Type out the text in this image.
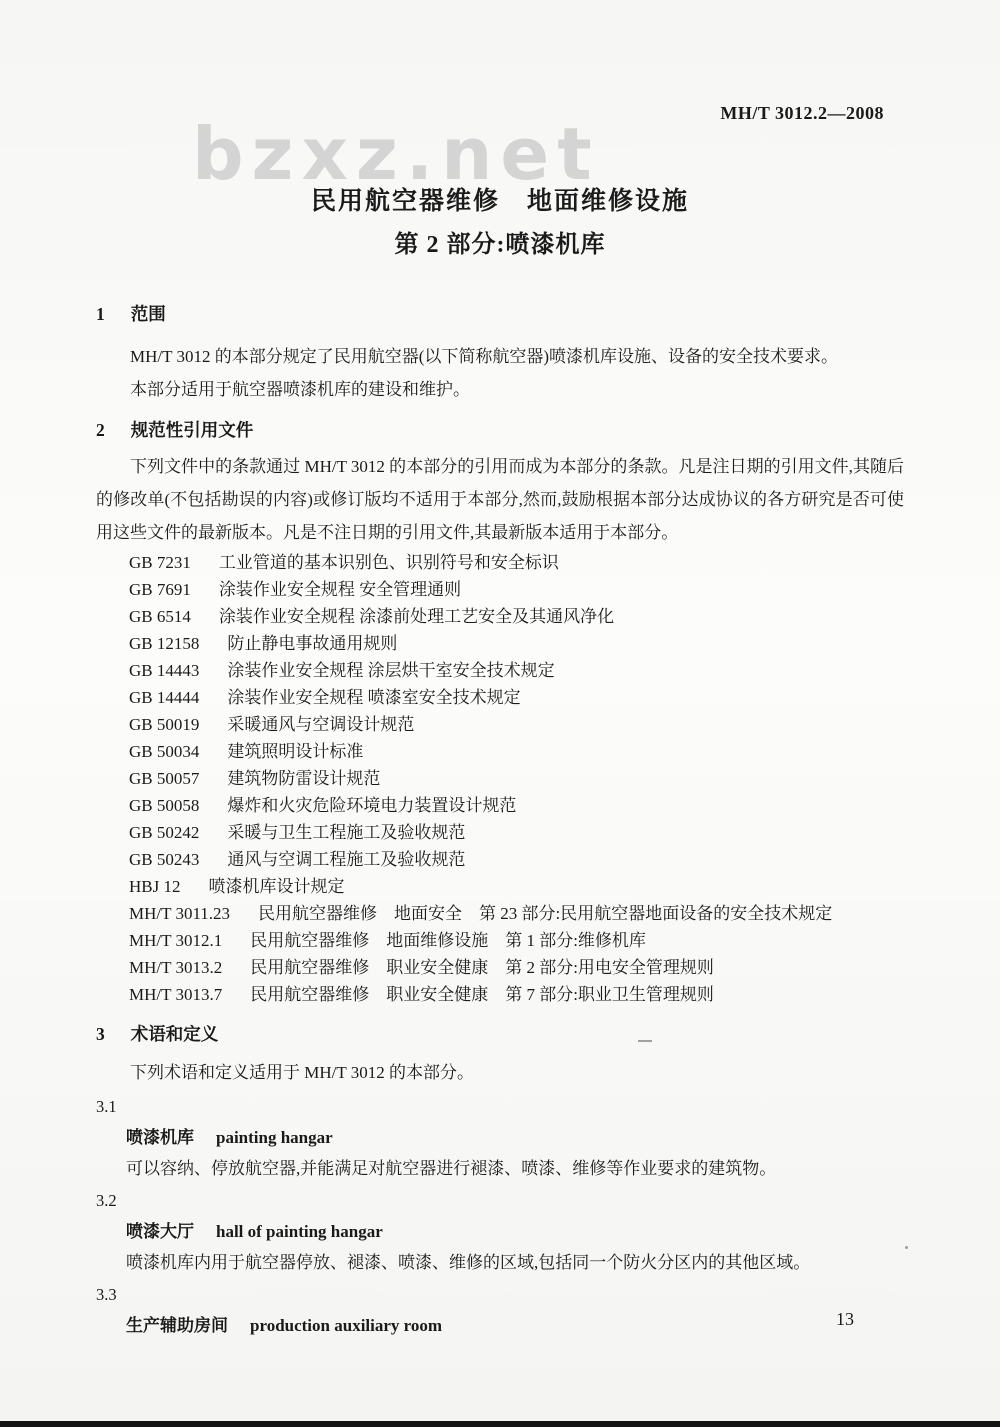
bzxz.net	MH/T 3012.2—2008
民用航空器维修　地面维修设施
第 2 部分:喷漆机库
1 范围

MH/T 3012 的本部分规定了民用航空器(以下简称航空器)喷漆机库设施、设备的安全技术要求。

本部分适用于航空器喷漆机库的建设和维护。

2 规范性引用文件

下列文件中的条款通过 MH/T 3012 的本部分的引用而成为本部分的条款。凡是注日期的引用文件,其随后的修改单(不包括勘误的内容)或修订版均不适用于本部分,然而,鼓励根据本部分达成协议的各方研究是否可使用这些文件的最新版本。凡是不注日期的引用文件,其最新版本适用于本部分。

GB 7231 工业管道的基本识别色、识别符号和安全标识
GB 7691 涂装作业安全规程 安全管理通则
GB 6514 涂装作业安全规程 涂漆前处理工艺安全及其通风净化
GB 12158 防止静电事故通用规则
GB 14443 涂装作业安全规程 涂层烘干室安全技术规定
GB 14444 涂装作业安全规程 喷漆室安全技术规定
GB 50019 采暖通风与空调设计规范
GB 50034 建筑照明设计标准
GB 50057 建筑物防雷设计规范
GB 50058 爆炸和火灾危险环境电力装置设计规范
GB 50242 采暖与卫生工程施工及验收规范
GB 50243 通风与空调工程施工及验收规范
HBJ 12 喷漆机库设计规定
MH/T 3011.23 民用航空器维修　地面安全　第 23 部分:民用航空器地面设备的安全技术规定
MH/T 3012.1 民用航空器维修　地面维修设施　第 1 部分:维修机库
MH/T 3013.2 民用航空器维修　职业安全健康　第 2 部分:用电安全管理规则
MH/T 3013.7 民用航空器维修　职业安全健康　第 7 部分:职业卫生管理规则
3 术语和定义

下列术语和定义适用于 MH/T 3012 的本部分。

3.1
喷漆机库 painting hangar
可以容纳、停放航空器,并能满足对航空器进行褪漆、喷漆、维修等作业要求的建筑物。
3.2
喷漆大厅 hall of painting hangar
喷漆机库内用于航空器停放、褪漆、喷漆、维修的区域,包括同一个防火分区内的其他区域。
3.3
生产辅助房间 production auxiliary room	13
